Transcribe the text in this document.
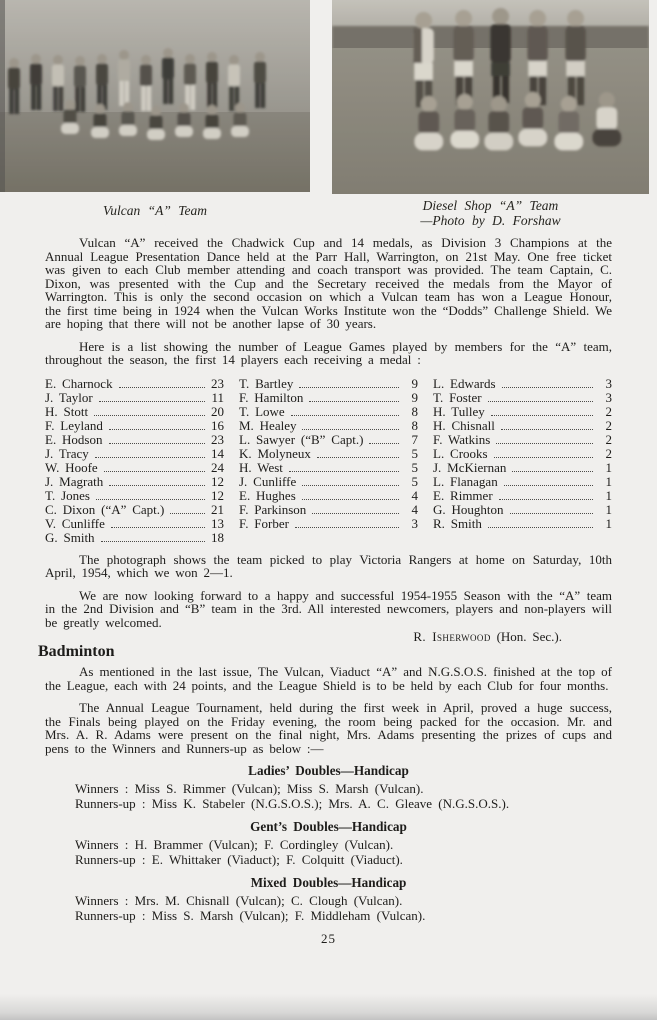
Vulcan “A” Team	Diesel Shop “A” Team
—Photo by D. Forshaw

Vulcan “A” received the Chadwick Cup and 14 medals, as Division 3 Champions at the Annual League Presentation Dance held at the Parr Hall, Warrington, on 21st May. One free ticket was given to each Club member attending and coach transport was provided. The team Captain, C. Dixon, was presented with the Cup and the Secretary received the medals from the Mayor of Warrington. This is only the second occasion on which a Vulcan team has won a League Honour, the first time being in 1924 when the Vulcan Works Institute won the “Dodds” Challenge Shield. We are hoping that there will not be another lapse of 30 years.

Here is a list showing the number of League Games played by members for the “A” team, throughout the season, the first 14 players each receiving a medal :

E. Charnock	23
J. Taylor	11
H. Stott	20
F. Leyland	16
E. Hodson	23
J. Tracy	14
W. Hoofe	24
J. Magrath	12
T. Jones	12
C. Dixon (“A” Capt.)	21
V. Cunliffe	13
G. Smith	18
T. Bartley	9
F. Hamilton	9
T. Lowe	8
M. Healey	8
L. Sawyer (“B” Capt.)	7
K. Molyneux	5
H. West	5
J. Cunliffe	5
E. Hughes	4
F. Parkinson	4
F. Forber	3
L. Edwards	3
T. Foster	3
H. Tulley	2
H. Chisnall	2
F. Watkins	2
L. Crooks	2
J. McKiernan	1
L. Flanagan	1
E. Rimmer	1
G. Houghton	1
R. Smith	1

The photograph shows the team picked to play Victoria Rangers at home on Saturday, 10th April, 1954, which we won 2—1.

We are now looking forward to a happy and successful 1954-1955 Season with the “A” team in the 2nd Division and “B” team in the 3rd. All interested newcomers, players and non-players will be greatly welcomed.

R. Isherwood (Hon. Sec.).
Badminton

As mentioned in the last issue, The Vulcan, Viaduct “A” and N.G.S.O.S. finished at the top of the League, each with 24 points, and the League Shield is to be held by each Club for four months.

The Annual League Tournament, held during the first week in April, proved a huge success, the Finals being played on the Friday evening, the room being packed for the occasion. Mr. and Mrs. A. R. Adams were present on the final night, Mrs. Adams presenting the prizes of cups and pens to the Winners and Runners-up as below :—

Ladies’ Doubles—Handicap
Winners : Miss S. Rimmer (Vulcan); Miss S. Marsh (Vulcan).
Runners-up : Miss K. Stabeler (N.G.S.O.S.); Mrs. A. C. Gleave (N.G.S.O.S.).
Gent’s Doubles—Handicap
Winners : H. Brammer (Vulcan); F. Cordingley (Vulcan).
Runners-up : E. Whittaker (Viaduct); F. Colquitt (Viaduct).
Mixed Doubles—Handicap
Winners : Mrs. M. Chisnall (Vulcan); C. Clough (Vulcan).
Runners-up : Miss S. Marsh (Vulcan); F. Middleham (Vulcan).
25
